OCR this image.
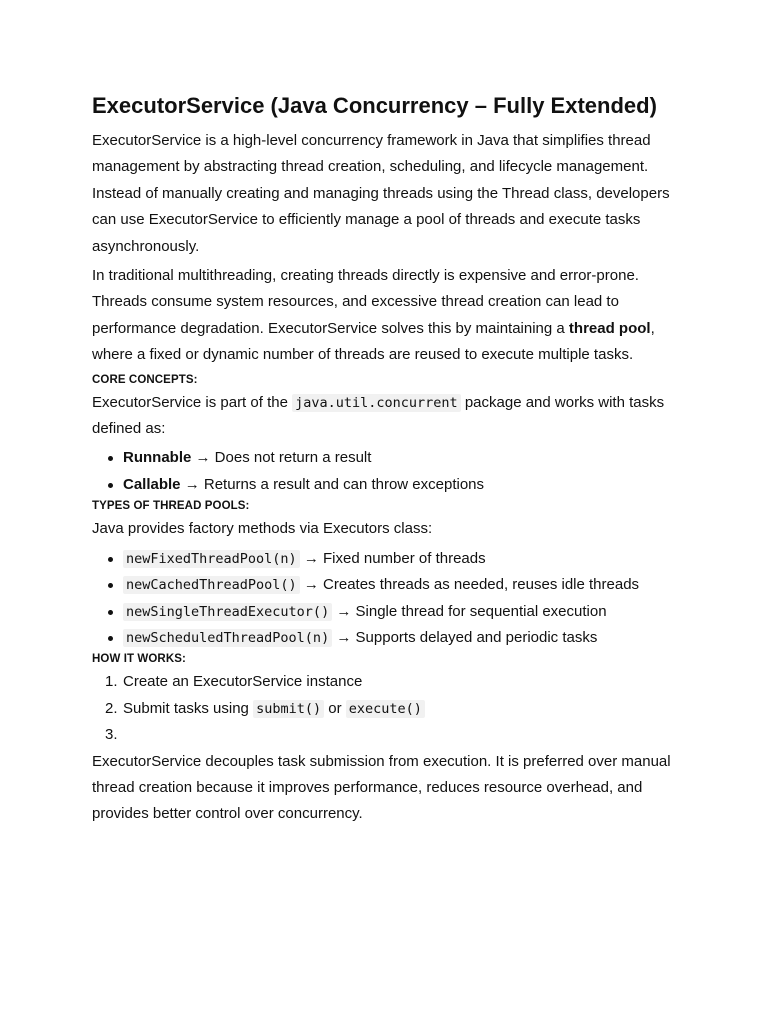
ExecutorService (Java Concurrency – Fully Extended)

ExecutorService is a high-level concurrency framework in Java that simplifies thread management by abstracting thread creation, scheduling, and lifecycle management. Instead of manually creating and managing threads using the Thread class, developers can use ExecutorService to efficiently manage a pool of threads and execute tasks asynchronously.

In traditional multithreading, creating threads directly is expensive and error-prone. Threads consume system resources, and excessive thread creation can lead to performance degradation. ExecutorService solves this by maintaining a thread pool, where a fixed or dynamic number of threads are reused to execute multiple tasks.

CORE CONCEPTS:

ExecutorService is part of the java.util.concurrent package and works with tasks defined as:

Runnable → Does not return a result
Callable → Returns a result and can throw exceptions
TYPES OF THREAD POOLS:

Java provides factory methods via Executors class:

newFixedThreadPool(n) → Fixed number of threads
newCachedThreadPool() → Creates threads as needed, reuses idle threads
newSingleThreadExecutor() → Single thread for sequential execution
newScheduledThreadPool(n) → Supports delayed and periodic tasks
HOW IT WORKS:
1. Create an ExecutorService instance
2. Submit tasks using submit() or execute()
3.

ExecutorService decouples task submission from execution. It is preferred over manual thread creation because it improves performance, reduces resource overhead, and provides better control over concurrency.
